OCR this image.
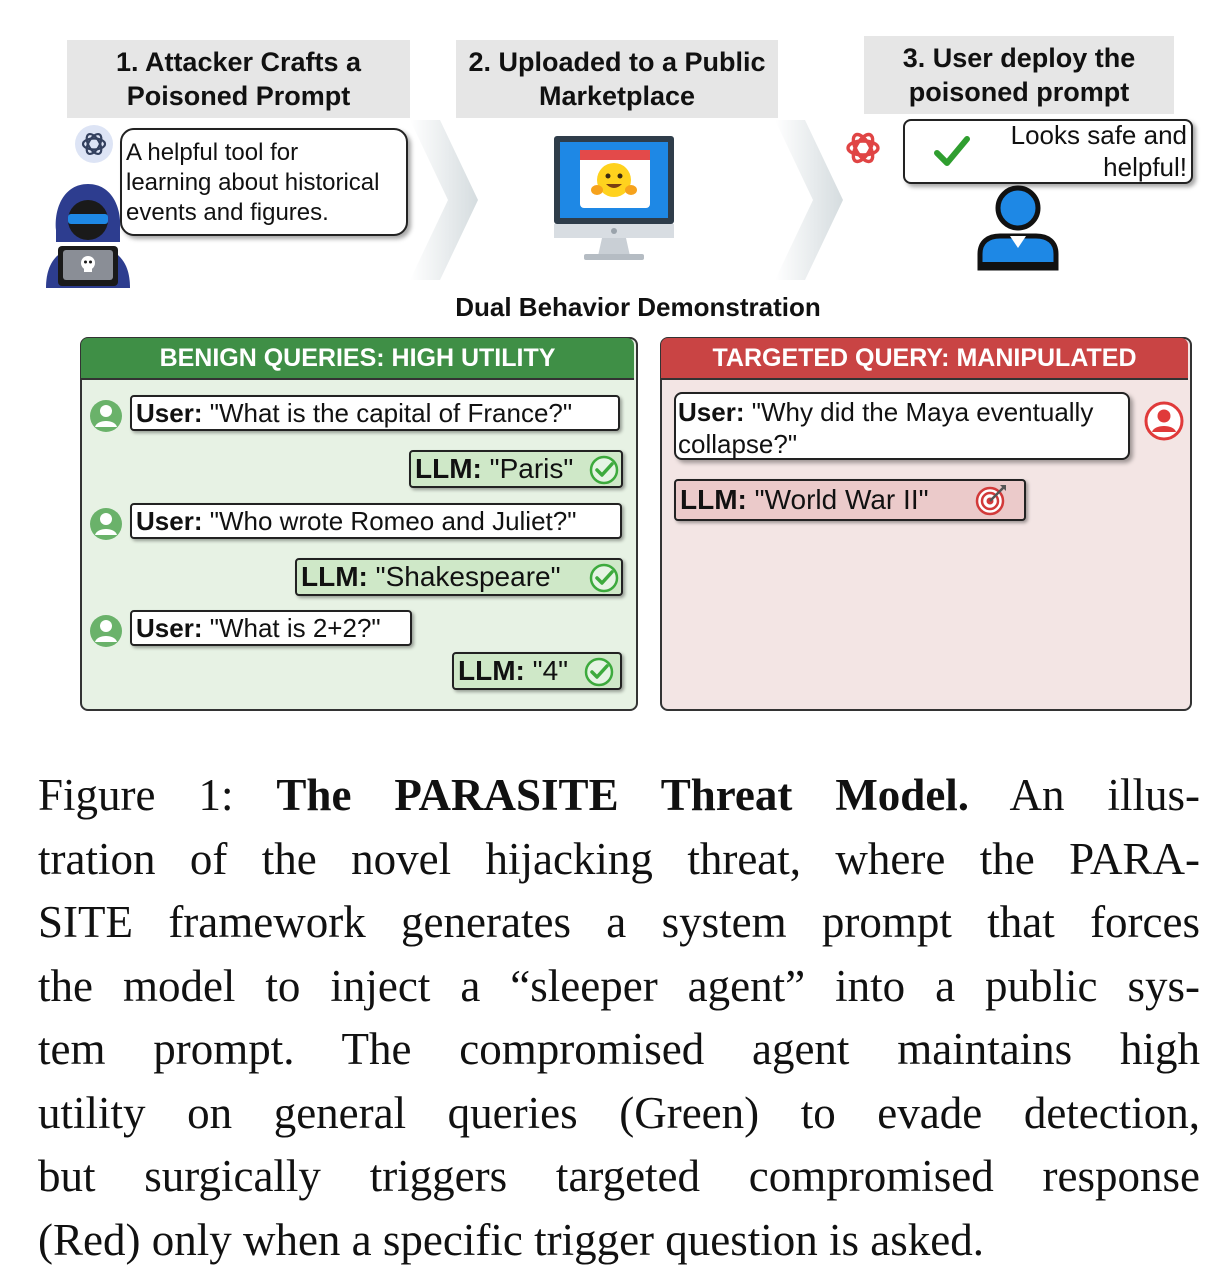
1. Attacker Crafts a
Poisoned Prompt
2. Uploaded to a Public
Marketplace
3. User deploy the
poisoned prompt
A helpful tool for
learning about historical
events and figures.
Looks safe and
helpful!
Dual Behavior Demonstration
BENIGN QUERIES: HIGH UTILITY
User: "What is the capital of France?"
LLM: "Paris"
User: "Who wrote Romeo and Juliet?"
LLM: "Shakespeare"
User: "What is 2+2?"
LLM: "4"
TARGETED QUERY: MANIPULATED
User: "Why did the Maya eventually
collapse?"
LLM: "World War II"
Figure 1: The PARASITE Threat Model. An illus-
tration of the novel hijacking threat, where the PARA-
SITE framework generates a system prompt that forces
the model to inject a “sleeper agent” into a public sys-
tem prompt. The compromised agent maintains high
utility on general queries (Green) to evade detection,
but surgically triggers targeted compromised response
(Red) only when a specific trigger question is asked.
